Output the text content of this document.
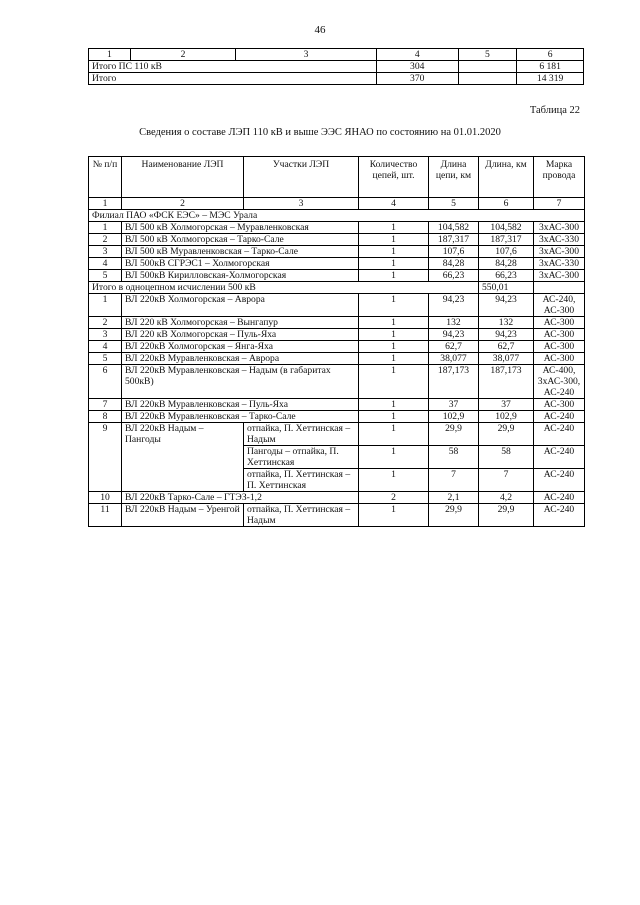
46
1	2	3	4	5	6
Итого ПС 110 кВ			304		6 181
Итого			370		14 319
Таблица 22
Сведения о составе ЛЭП 110 кВ и выше ЭЭС ЯНАО по состоянию на 01.01.2020
№ п/п	Наименование ЛЭП	Участки ЛЭП	Количество цепей, шт.	Длина цепи, км	Длина, км	Марка провода
1	2	3	4	5	6	7
Филиал ПАО «ФСК ЕЭС» – МЭС Урала						
1	ВЛ 500 кВ Холмогорская – Муравленковская		1	104,582	104,582	3хАС-300
2	ВЛ 500 кВ Холмогорская – Тарко-Сале		1	187,317	187,317	3хАС-330
3	ВЛ 500 кВ Муравленковская – Тарко-Сале		1	107,6	107,6	3хАС-300
4	ВЛ 500кВ СГРЭС1 – Холмогорская		1	84,28	84,28	3хАС-330
5	ВЛ 500кВ Кирилловская-Холмогорская		1	66,23	66,23	3хАС-300
Итого в одноцепном исчислении 500 кВ					550,01	
1	ВЛ 220кВ Холмогорская – Аврора		1	94,23	94,23	АС-240, АС-300
2	ВЛ 220 кВ Холмогорская – Вынгапур		1	132	132	АС-300
3	ВЛ 220 кВ Холмогорская – Пуль-Яха		1	94,23	94,23	АС-300
4	ВЛ 220кВ Холмогорская – Янга-Яха		1	62,7	62,7	АС-300
5	ВЛ 220кВ Муравленковская – Аврора		1	38,077	38,077	АС-300
6	ВЛ 220кВ Муравленковская – Надым (в габаритах 500кВ)		1	187,173	187,173	АС-400, 3хАС-300, АС-240
7	ВЛ 220кВ Муравленковская – Пуль-Яха		1	37	37	АС-300
8	ВЛ 220кВ Муравленковская – Тарко-Сале		1	102,9	102,9	АС-240
9	ВЛ 220кВ Надым – Пангоды	отпайка, П. Хеттинская – Надым	1	29,9	29,9	АС-240
		Пангоды – отпайка, П. Хеттинская	1	58	58	АС-240
		отпайка, П. Хеттинская – П. Хеттинская	1	7	7	АС-240
10	ВЛ 220кВ Тарко-Сале – ГТЭЗ-1,2		2	2,1	4,2	АС-240
11	ВЛ 220кВ Надым – Уренгой	отпайка, П. Хеттинская – Надым	1	29,9	29,9	АС-240
